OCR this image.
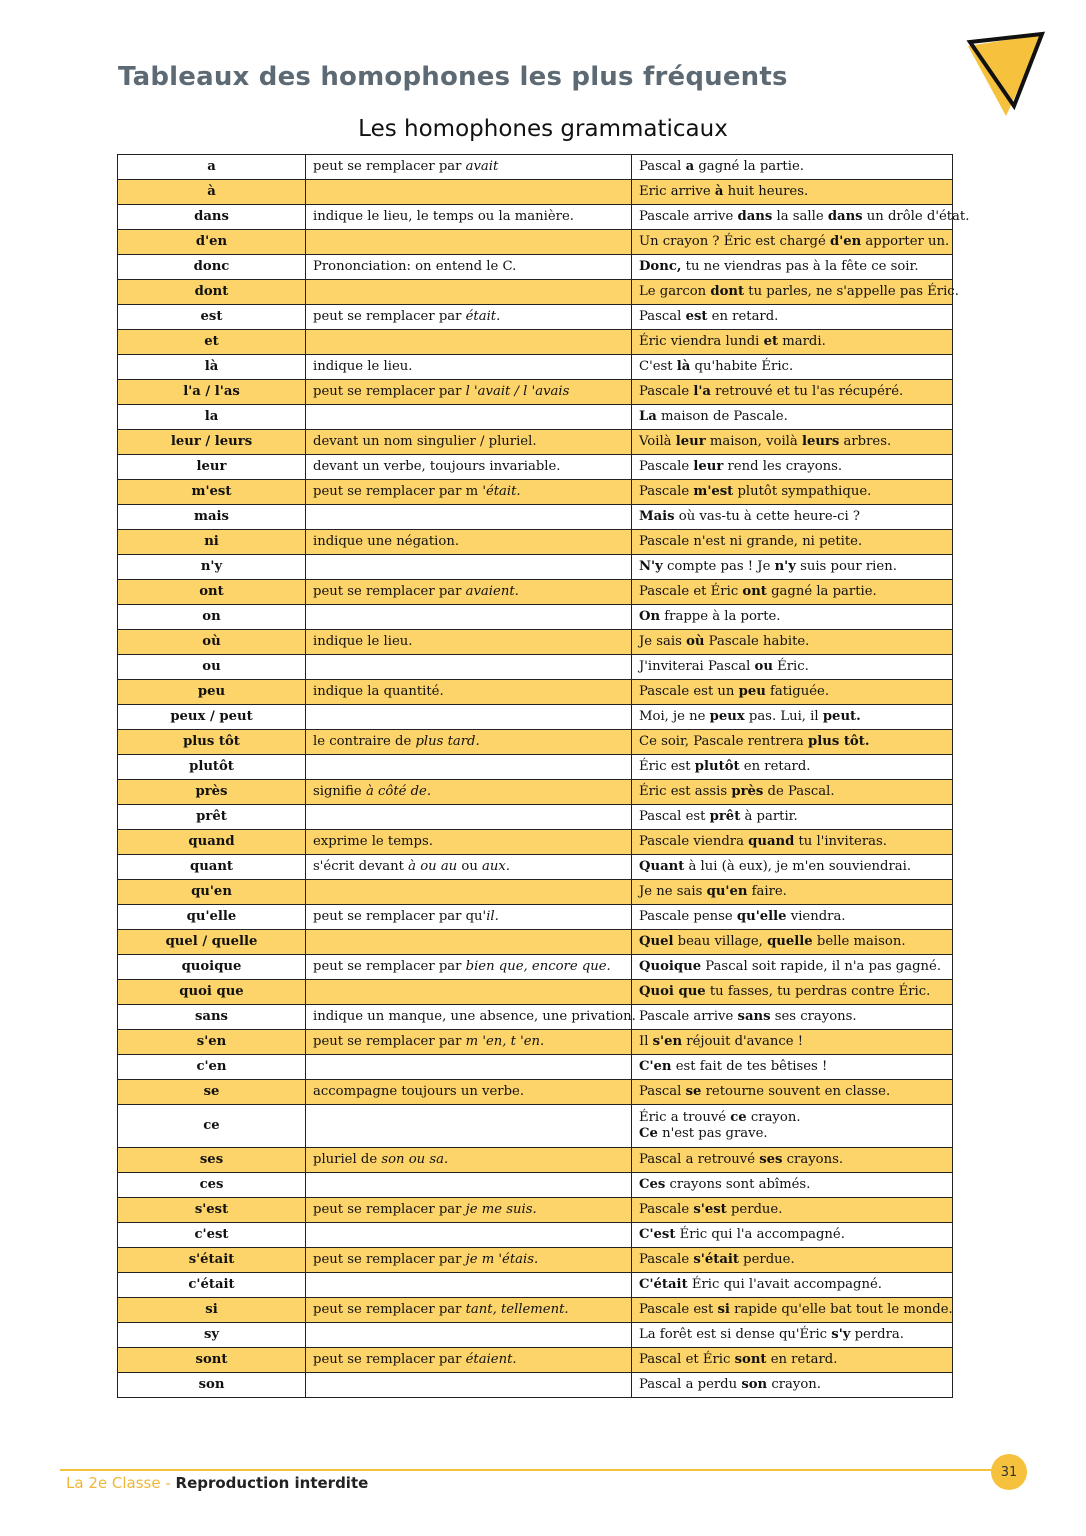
Tableaux des homophones les plus fréquents
Les homophones grammaticaux
a	peut se remplacer par avait	Pascal a gagné la partie.
à		Eric arrive à huit heures.
dans	indique le lieu, le temps ou la manière.	Pascale arrive dans la salle dans un drôle d'état.
d'en		Un crayon ? Éric est chargé d'en apporter un.
donc	Prononciation: on entend le C.	Donc, tu ne viendras pas à la fête ce soir.
dont		Le garcon dont tu parles, ne s'appelle pas Éric.
est	peut se remplacer par était.	Pascal est en retard.
et		Éric viendra lundi et mardi.
là	indique le lieu.	C'est là qu'habite Éric.
l'a / l'as	peut se remplacer par l 'avait / l 'avais	Pascale l'a retrouvé et tu l'as récupéré.
la		La maison de Pascale.
leur / leurs	devant un nom singulier / pluriel.	Voilà leur maison, voilà leurs arbres.
leur	devant un verbe, toujours invariable.	Pascale leur rend les crayons.
m'est	peut se remplacer par m 'était.	Pascale m'est plutôt sympathique.
mais		Mais où vas-tu à cette heure-ci ?
ni	indique une négation.	Pascale n'est ni grande, ni petite.
n'y		N'y compte pas ! Je n'y suis pour rien.
ont	peut se remplacer par avaient.	Pascale et Éric ont gagné la partie.
on		On frappe à la porte.
où	indique le lieu.	Je sais où Pascale habite.
ou		J'inviterai Pascal ou Éric.
peu	indique la quantité.	Pascale est un peu fatiguée.
peux / peut		Moi, je ne peux pas. Lui, il peut.
plus tôt	le contraire de plus tard.	Ce soir, Pascale rentrera plus tôt.
plutôt		Éric est plutôt en retard.
près	signifie à côté de.	Éric est assis près de Pascal.
prêt		Pascal est prêt à partir.
quand	exprime le temps.	Pascale viendra quand tu l'inviteras.
quant	s'écrit devant à ou au ou aux.	Quant à lui (à eux), je m'en souviendrai.
qu'en		Je ne sais qu'en faire.
qu'elle	peut se remplacer par qu'il.	Pascale pense qu'elle viendra.
quel / quelle		Quel beau village, quelle belle maison.
quoique	peut se remplacer par bien que, encore que.	Quoique Pascal soit rapide, il n'a pas gagné.
quoi que		Quoi que tu fasses, tu perdras contre Éric.
sans	indique un manque, une absence, une privation.	Pascale arrive sans ses crayons.
s'en	peut se remplacer par m 'en, t 'en.	Il s'en réjouit d'avance !
c'en		C'en est fait de tes bêtises !
se	accompagne toujours un verbe.	Pascal se retourne souvent en classe.
ce		Éric a trouvé ce crayon.
Ce n'est pas grave.
ses	pluriel de son ou sa.	Pascal a retrouvé ses crayons.
ces		Ces crayons sont abîmés.
s'est	peut se remplacer par je me suis.	Pascale s'est perdue.
c'est		C'est Éric qui l'a accompagné.
s'était	peut se remplacer par je m 'étais.	Pascale s'était perdue.
c'était		C'était Éric qui l'avait accompagné.
si	peut se remplacer par tant, tellement.	Pascale est si rapide qu'elle bat tout le monde.
sy		La forêt est si dense qu'Éric s'y perdra.
sont	peut se remplacer par étaient.	Pascal et Éric sont en retard.
son		Pascal a perdu son crayon.
31
La 2e Classe - Reproduction interdite
